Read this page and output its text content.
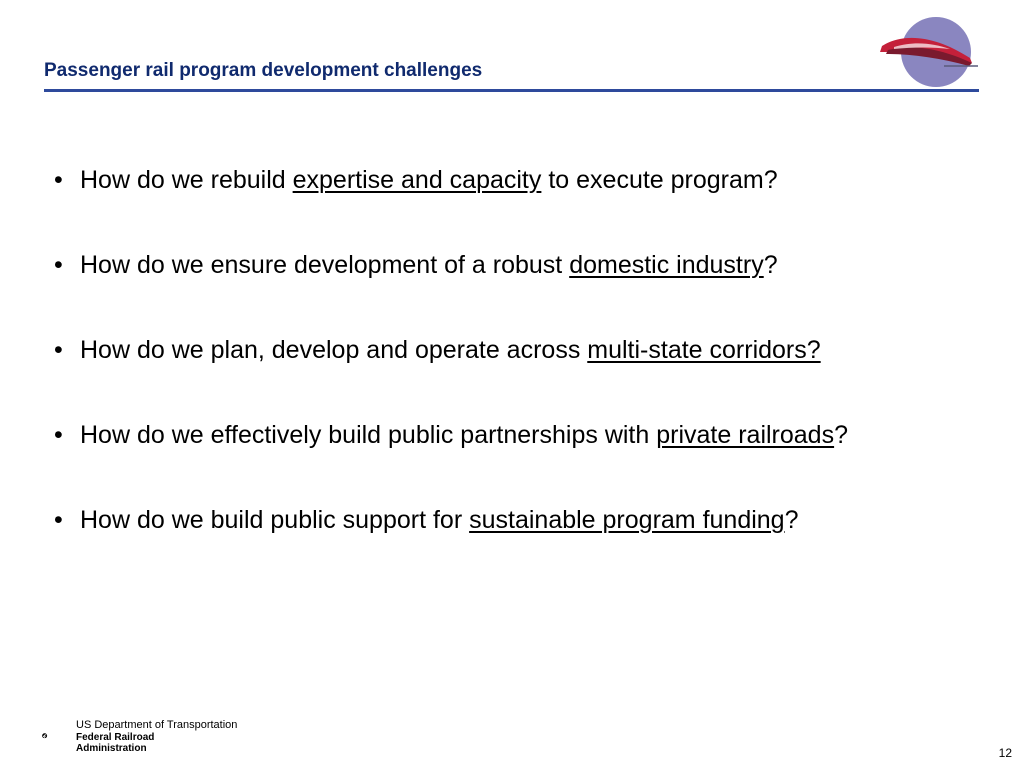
Passenger rail program development challenges
• How do we rebuild expertise and capacity to execute program?
• How do we ensure development of a robust domestic industry?
• How do we plan, develop and operate across multi-state corridors?
• How do we effectively build public partnerships with private railroads?
• How do we build public support for sustainable program funding?
US Department of Transportation
Federal Railroad
Administration	12
